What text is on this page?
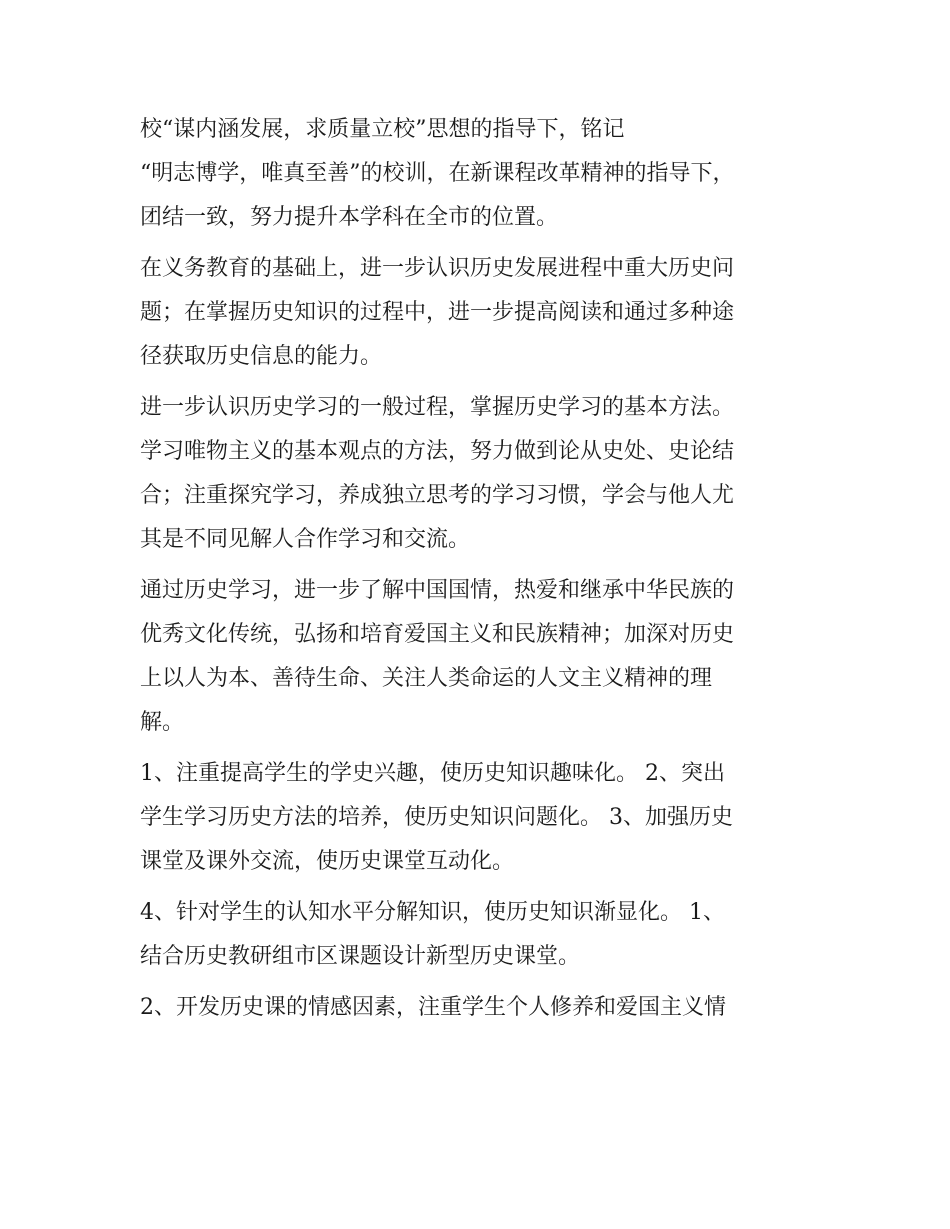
校“谋内涵发展，求质量立校”思想的指导下，铭记
“明志博学，唯真至善”的校训，在新课程改革精神的指导下，
团结一致，努力提升本学科在全市的位置。
在义务教育的基础上，进一步认识历史发展进程中重大历史问
题；在掌握历史知识的过程中，进一步提高阅读和通过多种途
径获取历史信息的能力。
进一步认识历史学习的一般过程，掌握历史学习的基本方法。
学习唯物主义的基本观点的方法，努力做到论从史处、史论结
合；注重探究学习，养成独立思考的学习习惯，学会与他人尤
其是不同见解人合作学习和交流。
通过历史学习，进一步了解中国国情，热爱和继承中华民族的
优秀文化传统，弘扬和培育爱国主义和民族精神；加深对历史
上以人为本、善待生命、关注人类命运的人文主义精神的理
解。
1、注重提高学生的学史兴趣，使历史知识趣味化。 2、突出
学生学习历史方法的培养，使历史知识问题化。 3、加强历史
课堂及课外交流，使历史课堂互动化。
4、针对学生的认知水平分解知识，使历史知识渐显化。 1、
结合历史教研组市区课题设计新型历史课堂。
2、开发历史课的情感因素，注重学生个人修养和爱国主义情
